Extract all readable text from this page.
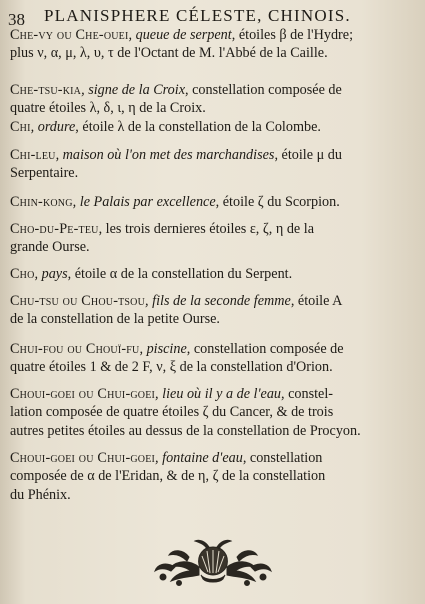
38 PLANISPHERE CÉLESTE, CHINOIS.
Che-vy ou Che-ouei, queue de serpent, étoiles β de l'Hydre;
plus ν, α, μ, λ, υ, τ de l'Octant de M. l'Abbé de la Caille.
Che-tsu-kia, signe de la Croix, constellation composée de
quatre étoiles λ, δ, ι, η de la Croix.
Chi, ordure, étoile λ de la constellation de la Colombe.
Chi-leu, maison où l'on met des marchandises, étoile μ du
Serpentaire.
Chin-kong, le Palais par excellence, étoile ζ du Scorpion.
Cho-du-Pe-teu, les trois dernieres étoiles ε, ζ, η de la
grande Ourse.
Cho, pays, étoile α de la constellation du Serpent.
Chu-tsu ou Chou-tsou, fils de la seconde femme, étoile A
de la constellation de la petite Ourse.
Chui-fou ou Chouï-fu, piscine, constellation composée de
quatre étoiles 1 & de 2 F, ν, ξ de la constellation d'Orion.
Choui-goei ou Chui-goei, lieu où il y a de l'eau, constel-
lation composée de quatre étoiles ζ du Cancer, & de trois
autres petites étoiles au dessus de la constellation de Procyon.
Choui-goei ou Chui-goei, fontaine d'eau, constellation
composée de α de l'Eridan, & de η, ζ de la constellation
du Phénix.
